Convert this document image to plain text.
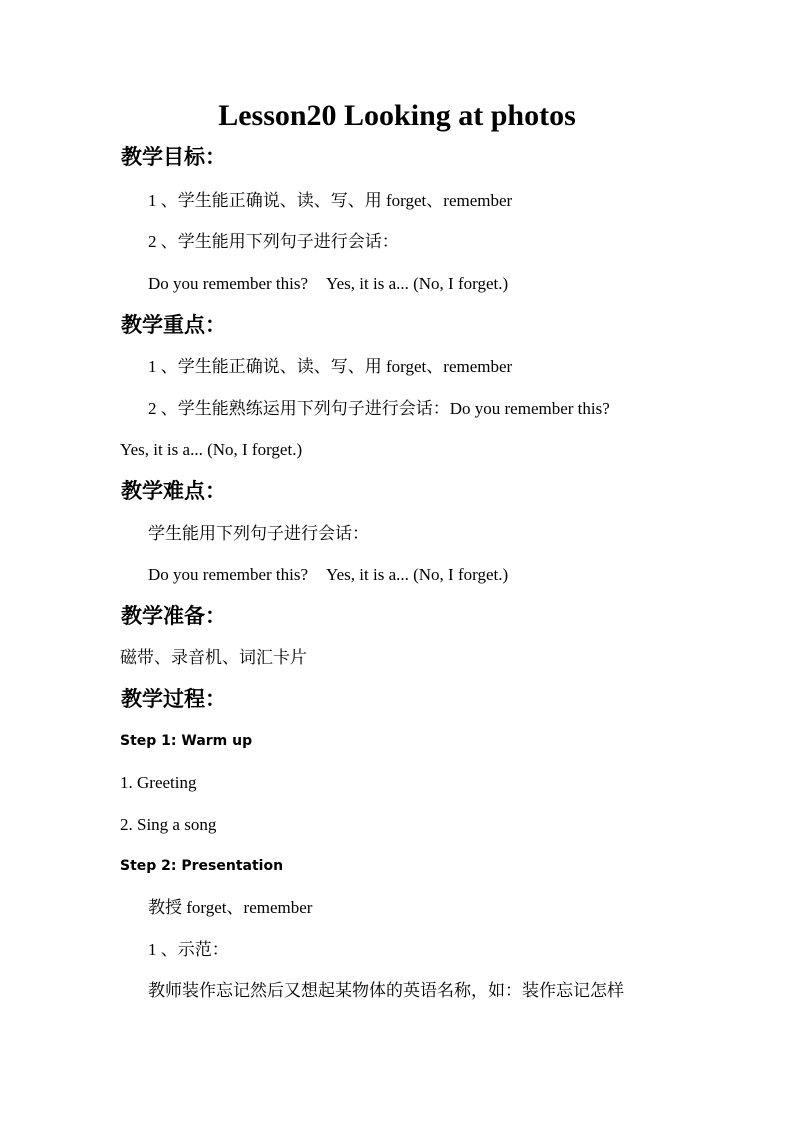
Lesson20 Looking at photos
教学目标：
1 、学生能正确说、读、写、用 forget、remember
2 、学生能用下列句子进行会话：
Do you remember this? Yes, it is a... (No, I forget.)
教学重点：
1 、学生能正确说、读、写、用 forget、remember
2 、学生能熟练运用下列句子进行会话：Do you remember this?
Yes, it is a... (No, I forget.)
教学难点：
学生能用下列句子进行会话：
Do you remember this? Yes, it is a... (No, I forget.)
教学准备：
磁带、录音机、词汇卡片
教学过程：
Step 1: Warm up
1. Greeting
2. Sing a song
Step 2: Presentation
教授 forget、remember
1 、示范：
教师装作忘记然后又想起某物体的英语名称，如：装作忘记怎样
